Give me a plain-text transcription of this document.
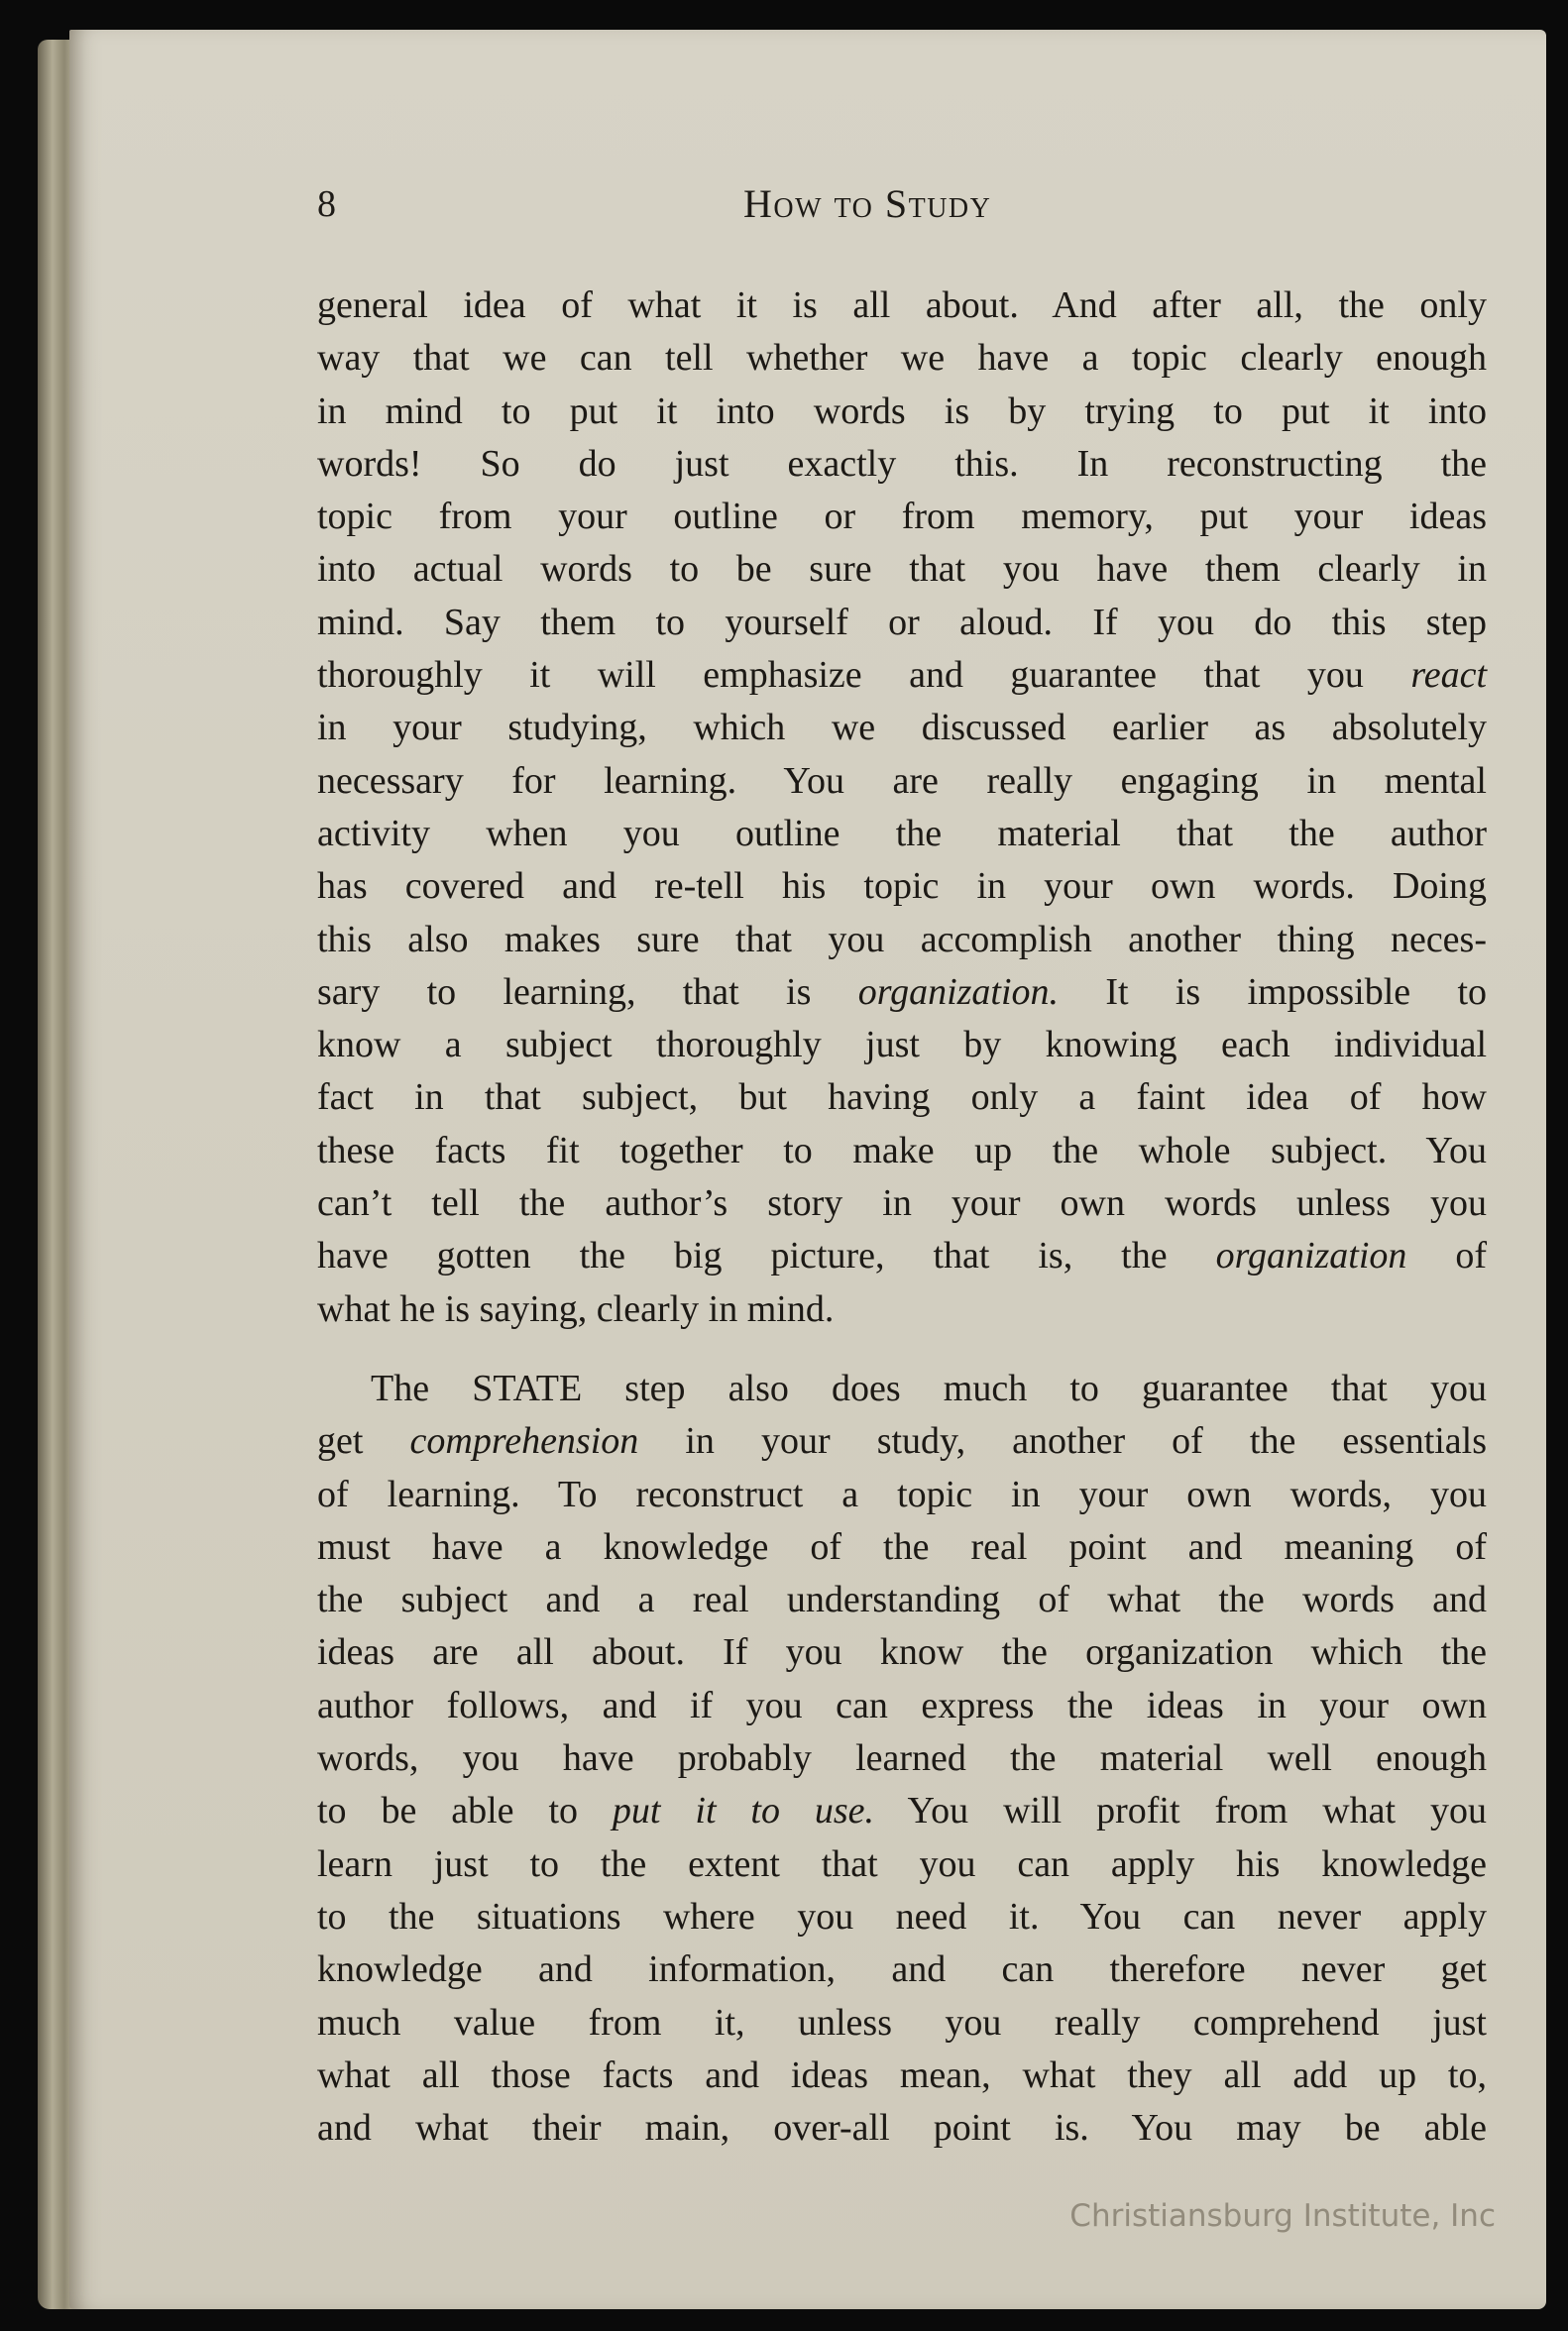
8	How to Study

general idea of what it is all about. And after all, the only
way that we can tell whether we have a topic clearly enough
in mind to put it into words is by trying to put it into
words! So do just exactly this. In reconstructing the
topic from your outline or from memory, put your ideas
into actual words to be sure that you have them clearly in
mind. Say them to yourself or aloud. If you do this step
thoroughly it will emphasize and guarantee that you react
in your studying, which we discussed earlier as absolutely
necessary for learning. You are really engaging in mental
activity when you outline the material that the author
has covered and re-tell his topic in your own words. Doing
this also makes sure that you accomplish another thing neces-
sary to learning, that is organization. It is impossible to
know a subject thoroughly just by knowing each individual
fact in that subject, but having only a faint idea of how
these facts fit together to make up the whole subject. You
can’t tell the author’s story in your own words unless you
have gotten the big picture, that is, the organization of
what he is saying, clearly in mind.

The STATE step also does much to guarantee that you
get comprehension in your study, another of the essentials
of learning. To reconstruct a topic in your own words, you
must have a knowledge of the real point and meaning of
the subject and a real understanding of what the words and
ideas are all about. If you know the organization which the
author follows, and if you can express the ideas in your own
words, you have probably learned the material well enough
to be able to put it to use. You will profit from what you
learn just to the extent that you can apply his knowledge
to the situations where you need it. You can never apply
knowledge and information, and can therefore never get
much value from it, unless you really comprehend just
what all those facts and ideas mean, what they all add up to,
and what their main, over-all point is. You may be able

Christiansburg Institute, Inc
